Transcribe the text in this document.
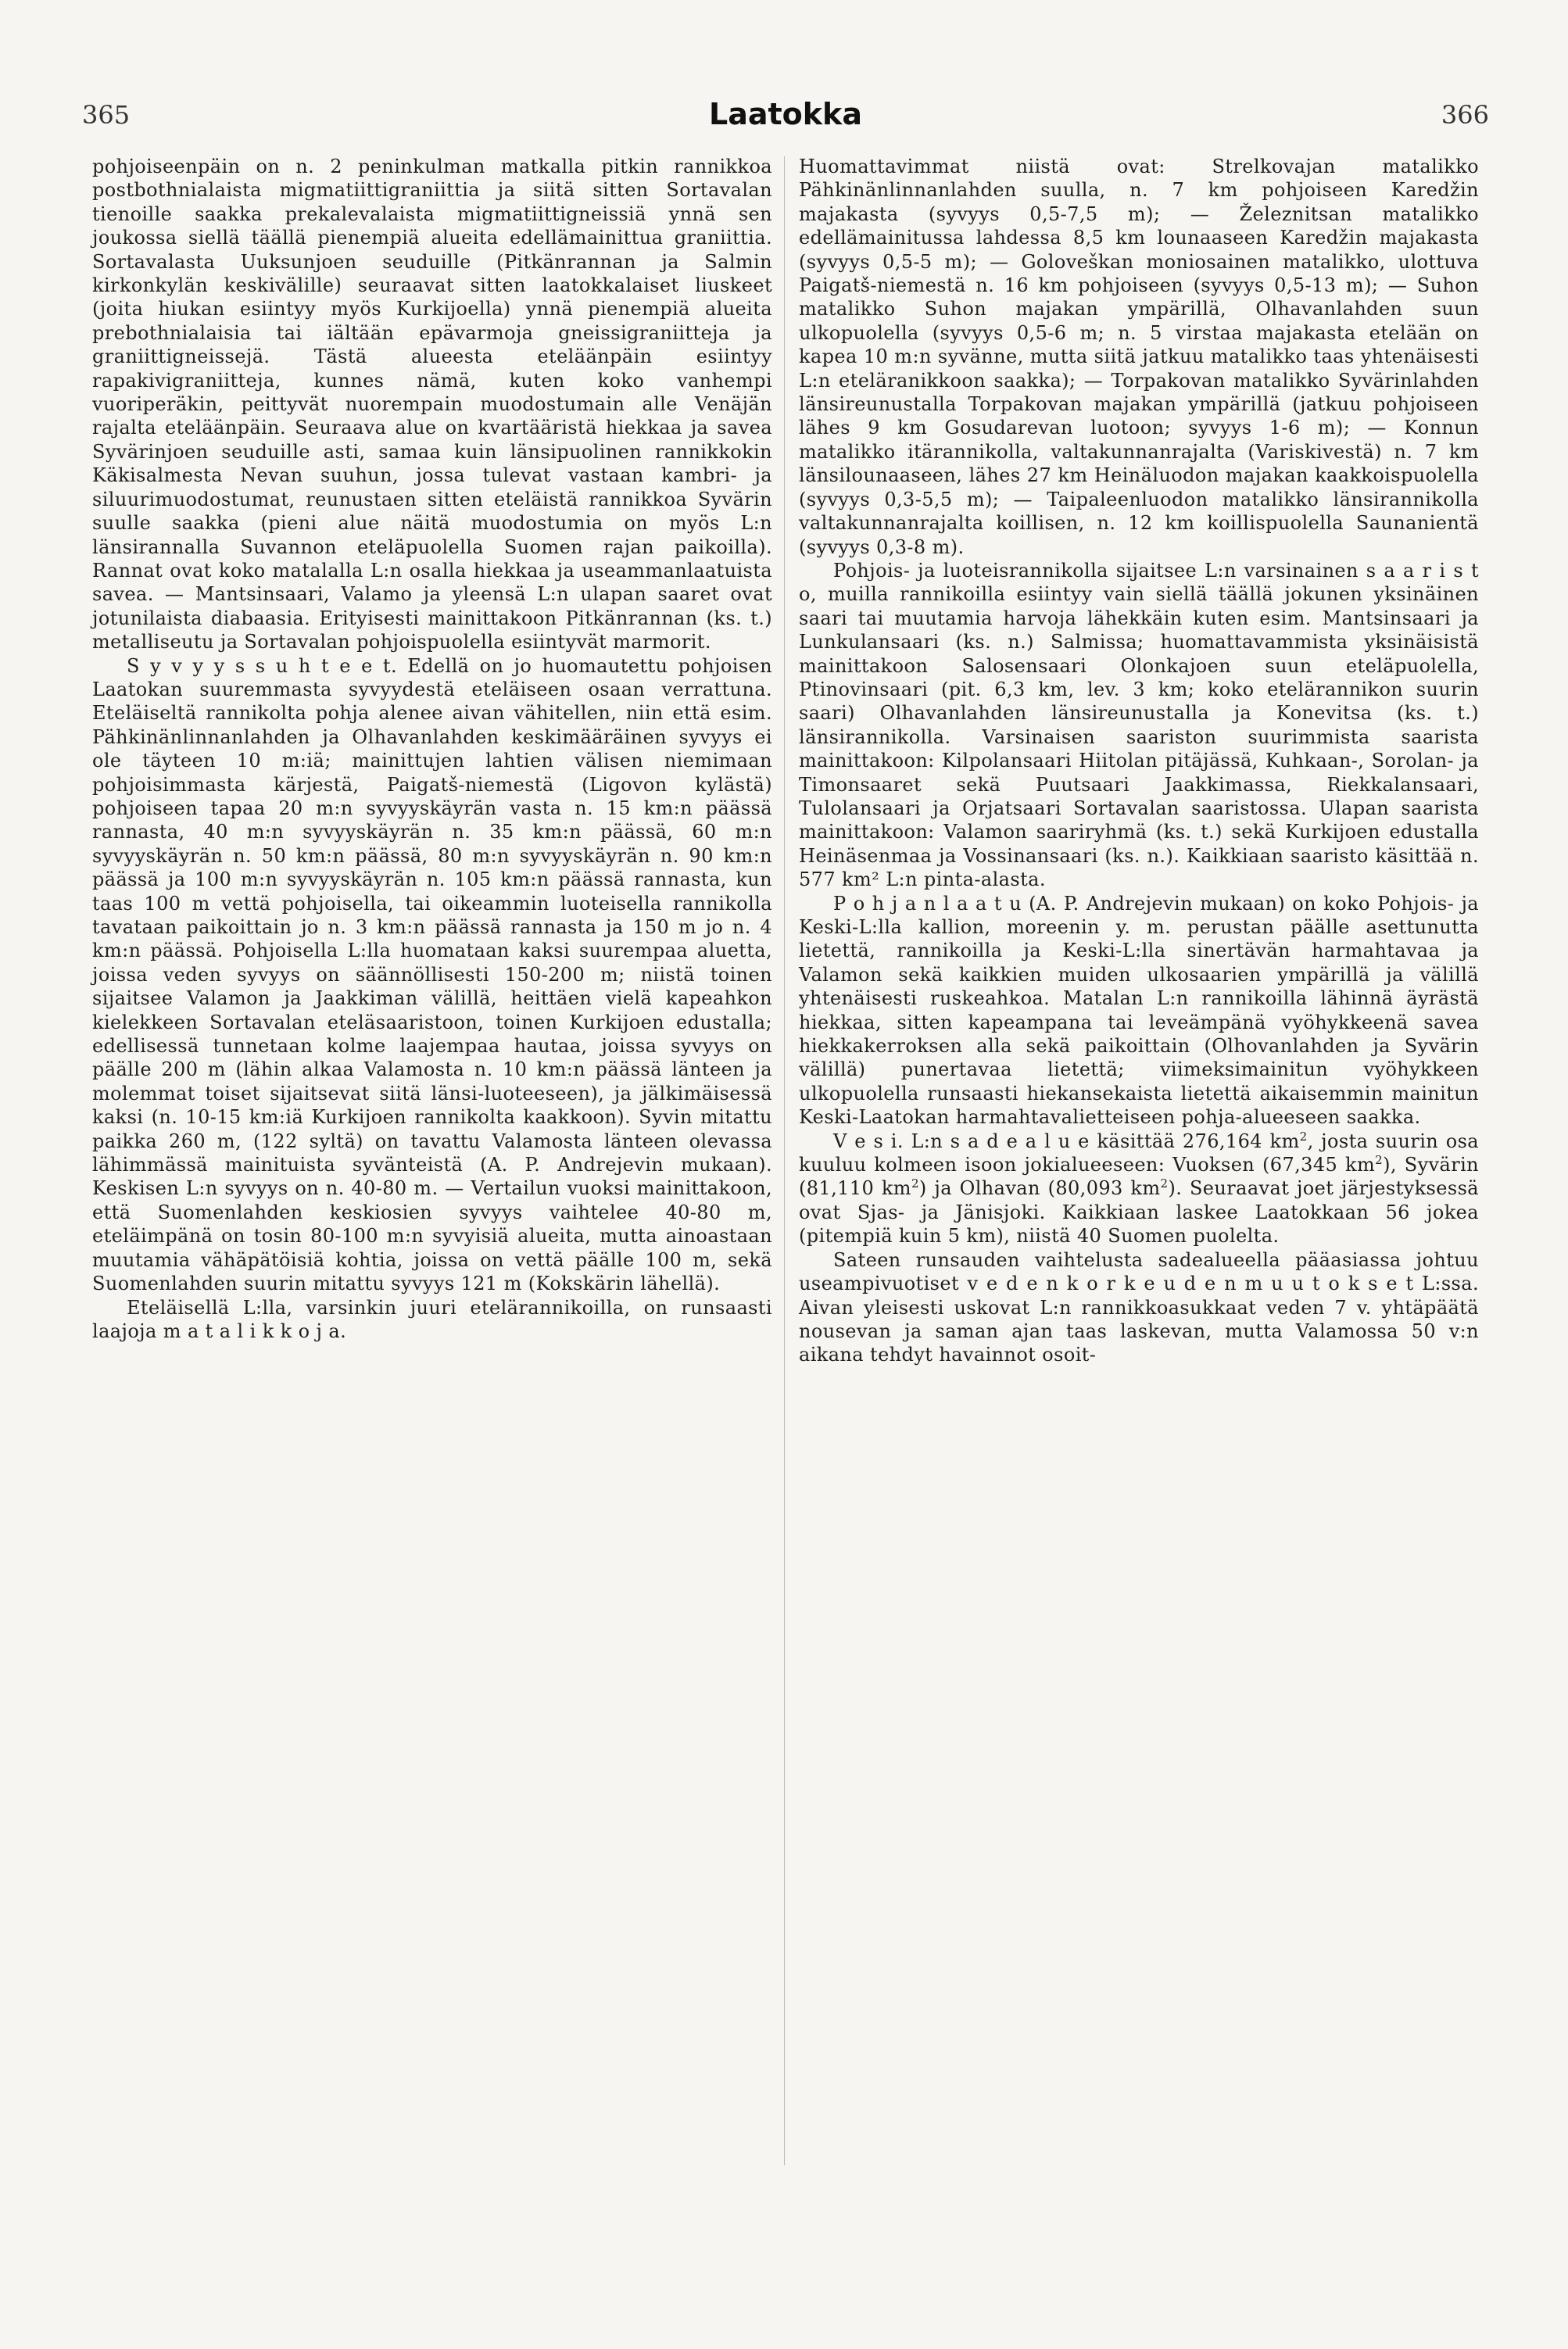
365	Laatokka	366

pohjoiseenpäin on n. 2 peninkulman matkalla pitkin rannikkoa postbothnialaista migmatiittigraniittia ja siitä sitten Sortavalan tienoille saakka prekalevalaista migmatiittigneissiä ynnä sen joukossa siellä täällä pienempiä alueita edellämainittua graniittia. Sortavalasta Uuksunjoen seuduille (Pitkänrannan ja Salmin kirkonkylän keskivälille) seuraavat sitten laatokkalaiset liuskeet (joita hiukan esiintyy myös Kurkijoella) ynnä pienempiä alueita prebothnialaisia tai iältään epävarmoja gneissigraniitteja ja graniittigneissejä. Tästä alueesta eteläänpäin esiintyy rapakivigraniitteja, kunnes nämä, kuten koko vanhempi vuoriperäkin, peittyvät nuorempain muodostumain alle Venäjän rajalta eteläänpäin. Seuraava alue on kvartääristä hiekkaa ja savea Syvärinjoen seuduille asti, samaa kuin länsipuolinen rannikkokin Käkisalmesta Nevan suuhun, jossa tulevat vastaan kambri- ja siluurimuodostumat, reunustaen sitten eteläistä rannikkoa Syvärin suulle saakka (pieni alue näitä muodostumia on myös L:n länsirannalla Suvannon eteläpuolella Suomen rajan paikoilla). Rannat ovat koko matalalla L:n osalla hiekkaa ja useammanlaatuista savea. — Mantsinsaari, Valamo ja yleensä L:n ulapan saaret ovat jotunilaista diabaasia. Erityisesti mainittakoon Pitkänrannan (ks. t.) metalliseutu ja Sortavalan pohjoispuolella esiintyvät marmorit.

S y v y y s s u h t e e t. Edellä on jo huomautettu pohjoisen Laatokan suuremmasta syvyydestä eteläiseen osaan verrattuna. Eteläiseltä rannikolta pohja alenee aivan vähitellen, niin että esim. Pähkinänlinnanlahden ja Olhavanlahden keskimääräinen syvyys ei ole täyteen 10 m:iä; mainittujen lahtien välisen niemimaan pohjoisimmasta kärjestä, Paigatš-niemestä (Ligovon kylästä) pohjoiseen tapaa 20 m:n syvyyskäyrän vasta n. 15 km:n päässä rannasta, 40 m:n syvyyskäyrän n. 35 km:n päässä, 60 m:n syvyyskäyrän n. 50 km:n päässä, 80 m:n syvyyskäyrän n. 90 km:n päässä ja 100 m:n syvyyskäyrän n. 105 km:n päässä rannasta, kun taas 100 m vettä pohjoisella, tai oikeammin luoteisella rannikolla tavataan paikoittain jo n. 3 km:n päässä rannasta ja 150 m jo n. 4 km:n päässä. Pohjoisella L:lla huomataan kaksi suurempaa aluetta, joissa veden syvyys on säännöllisesti 150-200 m; niistä toinen sijaitsee Valamon ja Jaakkiman välillä, heittäen vielä kapeahkon kielekkeen Sortavalan eteläsaaristoon, toinen Kurkijoen edustalla; edellisessä tunnetaan kolme laajempaa hautaa, joissa syvyys on päälle 200 m (lähin alkaa Valamosta n. 10 km:n päässä länteen ja molemmat toiset sijaitsevat siitä länsi-luoteeseen), ja jälkimäisessä kaksi (n. 10-15 km:iä Kurkijoen rannikolta kaakkoon). Syvin mitattu paikka 260 m, (122 syltä) on tavattu Valamosta länteen olevassa lähimmässä mainituista syvänteistä (A. P. Andrejevin mukaan). Keskisen L:n syvyys on n. 40-80 m. — Vertailun vuoksi mainittakoon, että Suomenlahden keskiosien syvyys vaihtelee 40-80 m, eteläimpänä on tosin 80-100 m:n syvyisiä alueita, mutta ainoastaan muutamia vähäpätöisiä kohtia, joissa on vettä päälle 100 m, sekä Suomenlahden suurin mitattu syvyys 121 m (Kokskärin lähellä).

Eteläisellä L:lla, varsinkin juuri etelärannikoilla, on runsaasti laajoja m a t a l i k k o j a.

Huomattavimmat niistä ovat: Strelkovajan matalikko Pähkinänlinnanlahden suulla, n. 7 km pohjoiseen Karedžin majakasta (syvyys 0,5-7,5 m); — Železnitsan matalikko edellämainitussa lahdessa 8,5 km lounaaseen Karedžin majakasta (syvyys 0,5-5 m); — Goloveškan moniosainen matalikko, ulottuva Paigatš-niemestä n. 16 km pohjoiseen (syvyys 0,5-13 m); — Suhon matalikko Suhon majakan ympärillä, Olhavanlahden suun ulkopuolella (syvyys 0,5-6 m; n. 5 virstaa majakasta etelään on kapea 10 m:n syvänne, mutta siitä jatkuu matalikko taas yhtenäisesti L:n eteläranikkoon saakka); — Torpakovan matalikko Syvärinlahden länsireunustalla Torpakovan majakan ympärillä (jatkuu pohjoiseen lähes 9 km Gosudarevan luotoon; syvyys 1-6 m); — Konnun matalikko itärannikolla, valtakunnanrajalta (Variskivestä) n. 7 km länsilounaaseen, lähes 27 km Heinäluodon majakan kaakkoispuolella (syvyys 0,3-5,5 m); — Taipaleenluodon matalikko länsirannikolla valtakunnanrajalta koillisen, n. 12 km koillispuolella Saunanientä (syvyys 0,3-8 m).

Pohjois- ja luoteisrannikolla sijaitsee L:n varsinainen s a a r i s t o, muilla rannikoilla esiintyy vain siellä täällä jokunen yksinäinen saari tai muutamia harvoja lähekkäin kuten esim. Mantsinsaari ja Lunkulansaari (ks. n.) Salmissa; huomattavammista yksinäisistä mainittakoon Salosensaari Olonkajoen suun eteläpuolella, Ptinovinsaari (pit. 6,3 km, lev. 3 km; koko etelärannikon suurin saari) Olhavanlahden länsireunustalla ja Konevitsa (ks. t.) länsirannikolla. Varsinaisen saariston suurimmista saarista mainittakoon: Kilpolansaari Hiitolan pitäjässä, Kuhkaan-, Sorolan- ja Timonsaaret sekä Puutsaari Jaakkimassa, Riekkalansaari, Tulolansaari ja Orjatsaari Sortavalan saaristossa. Ulapan saarista mainittakoon: Valamon saariryhmä (ks. t.) sekä Kurkijoen edustalla Heinäsenmaa ja Vossinansaari (ks. n.). Kaikkiaan saaristo käsittää n. 577 km² L:n pinta-alasta.

P o h j a n l a a t u (A. P. Andrejevin mukaan) on koko Pohjois- ja Keski-L:lla kallion, moreenin y. m. perustan päälle asettunutta lietettä, rannikoilla ja Keski-L:lla sinertävän harmahtavaa ja Valamon sekä kaikkien muiden ulkosaarien ympärillä ja välillä yhtenäisesti ruskeahkoa. Matalan L:n rannikoilla lähinnä äyrästä hiekkaa, sitten kapeampana tai leveämpänä vyöhykkeenä savea hiekkakerroksen alla sekä paikoittain (Olhovanlahden ja Syvärin välillä) punertavaa lietettä; viimeksimainitun vyöhykkeen ulkopuolella runsaasti hiekansekaista lietettä aikaisemmin mainitun Keski-Laatokan harmahtavalietteiseen pohja-alueeseen saakka.

V e s i. L:n s a d e a l u e käsittää 276,164 $km^2$, josta suurin osa kuuluu kolmeen isoon jokialueeseen: Vuoksen (67,345 $km^2$), Syvärin (81,110 $km^2$) ja Olhavan (80,093 $km^2$). Seuraavat joet järjestyksessä ovat Sjas- ja Jänisjoki. Kaikkiaan laskee Laatokkaan 56 jokea (pitempiä kuin 5 km), niistä 40 Suomen puolelta.

Sateen runsauden vaihtelusta sadealueella pääasiassa johtuu useampivuotiset v e d e n k o r k e u d e n m u u t o k s e t L:ssa. Aivan yleisesti uskovat L:n rannikkoasukkaat veden 7 v. yhtäpäätä nousevan ja saman ajan taas laskevan, mutta Valamossa 50 v:n aikana tehdyt havainnot osoit-
